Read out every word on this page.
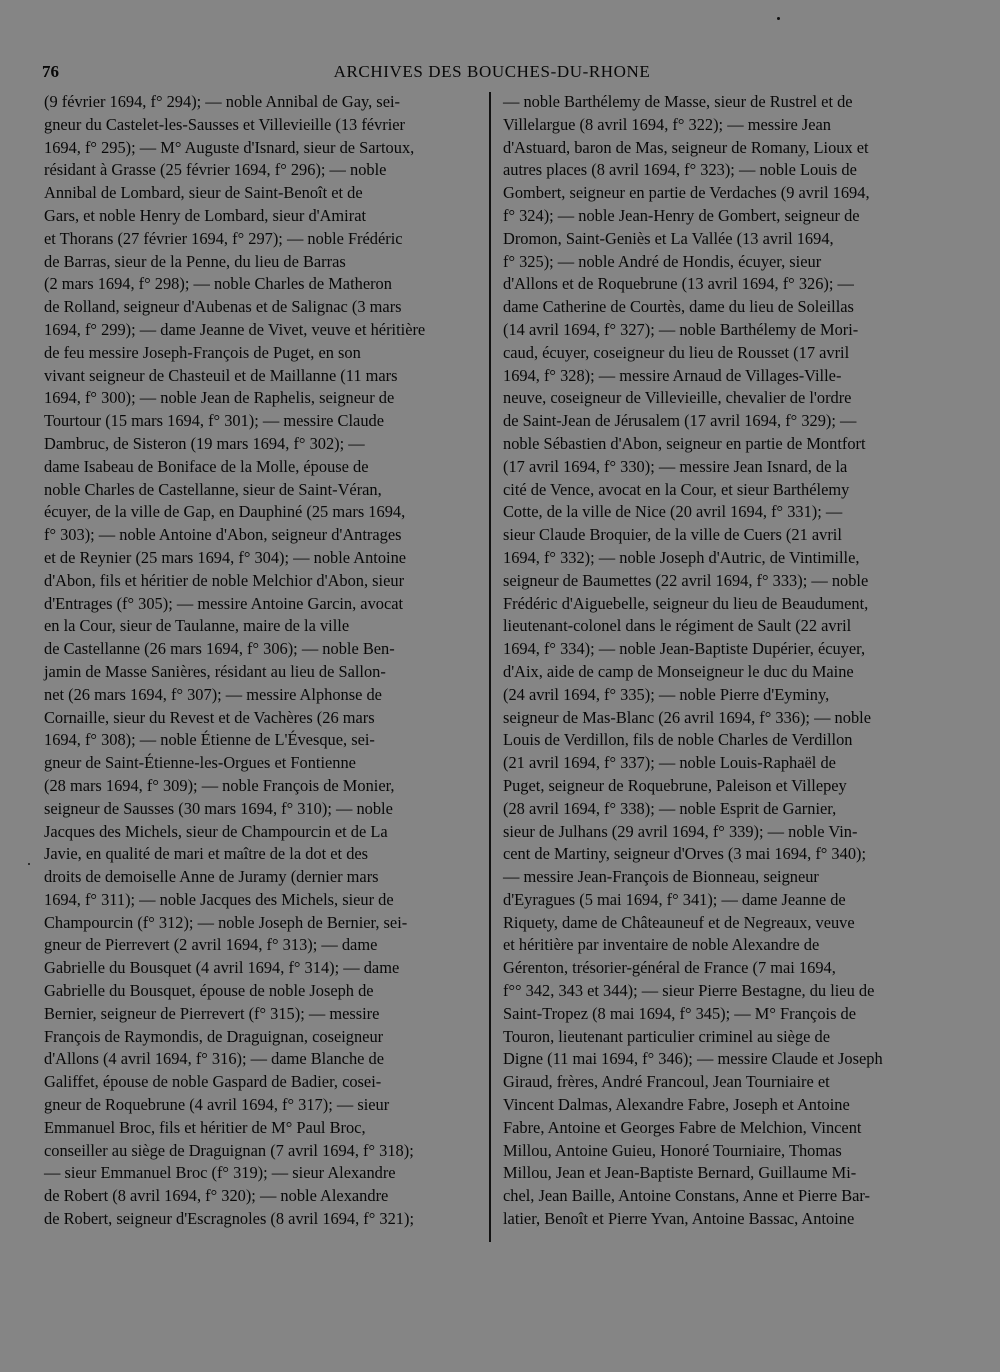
76	ARCHIVES DES BOUCHES-DU-RHONE
(9 février 1694, f° 294); — noble Annibal de Gay, sei-
gneur du Castelet-les-Sausses et Villevieille (13 février
1694, f° 295); — M° Auguste d'Isnard, sieur de Sartoux,
résidant à Grasse (25 février 1694, f° 296); — noble
Annibal de Lombard, sieur de Saint-Benoît et de
Gars, et noble Henry de Lombard, sieur d'Amirat
et Thorans (27 février 1694, f° 297); — noble Frédéric
de Barras, sieur de la Penne, du lieu de Barras
(2 mars 1694, f° 298); — noble Charles de Matheron
de Rolland, seigneur d'Aubenas et de Salignac (3 mars
1694, f° 299); — dame Jeanne de Vivet, veuve et héritière
de feu messire Joseph-François de Puget, en son
vivant seigneur de Chasteuil et de Maillanne (11 mars
1694, f° 300); — noble Jean de Raphelis, seigneur de
Tourtour (15 mars 1694, f° 301); — messire Claude
Dambruc, de Sisteron (19 mars 1694, f° 302); —
dame Isabeau de Boniface de la Molle, épouse de
noble Charles de Castellanne, sieur de Saint-Véran,
écuyer, de la ville de Gap, en Dauphiné (25 mars 1694,
f° 303); — noble Antoine d'Abon, seigneur d'Antrages
et de Reynier (25 mars 1694, f° 304); — noble Antoine
d'Abon, fils et héritier de noble Melchior d'Abon, sieur
d'Entrages (f° 305); — messire Antoine Garcin, avocat
en la Cour, sieur de Taulanne, maire de la ville
de Castellanne (26 mars 1694, f° 306); — noble Ben-
jamin de Masse Sanières, résidant au lieu de Sallon-
net (26 mars 1694, f° 307); — messire Alphonse de
Cornaille, sieur du Revest et de Vachères (26 mars
1694, f° 308); — noble Étienne de L'Évesque, sei-
gneur de Saint-Étienne-les-Orgues et Fontienne
(28 mars 1694, f° 309); — noble François de Monier,
seigneur de Sausses (30 mars 1694, f° 310); — noble
Jacques des Michels, sieur de Champourcin et de La
Javie, en qualité de mari et maître de la dot et des
droits de demoiselle Anne de Juramy (dernier mars
1694, f° 311); — noble Jacques des Michels, sieur de
Champourcin (f° 312); — noble Joseph de Bernier, sei-
gneur de Pierrevert (2 avril 1694, f° 313); — dame
Gabrielle du Bousquet (4 avril 1694, f° 314); — dame
Gabrielle du Bousquet, épouse de noble Joseph de
Bernier, seigneur de Pierrevert (f° 315); — messire
François de Raymondis, de Draguignan, coseigneur
d'Allons (4 avril 1694, f° 316); — dame Blanche de
Galiffet, épouse de noble Gaspard de Badier, cosei-
gneur de Roquebrune (4 avril 1694, f° 317); — sieur
Emmanuel Broc, fils et héritier de M° Paul Broc,
conseiller au siège de Draguignan (7 avril 1694, f° 318);
— sieur Emmanuel Broc (f° 319); — sieur Alexandre
de Robert (8 avril 1694, f° 320); — noble Alexandre
de Robert, seigneur d'Escragnoles (8 avril 1694, f° 321);
— noble Barthélemy de Masse, sieur de Rustrel et de
Villelargue (8 avril 1694, f° 322); — messire Jean
d'Astuard, baron de Mas, seigneur de Romany, Lioux et
autres places (8 avril 1694, f° 323); — noble Louis de
Gombert, seigneur en partie de Verdaches (9 avril 1694,
f° 324); — noble Jean-Henry de Gombert, seigneur de
Dromon, Saint-Geniès et La Vallée (13 avril 1694,
f° 325); — noble André de Hondis, écuyer, sieur
d'Allons et de Roquebrune (13 avril 1694, f° 326); —
dame Catherine de Courtès, dame du lieu de Soleillas
(14 avril 1694, f° 327); — noble Barthélemy de Mori-
caud, écuyer, coseigneur du lieu de Rousset (17 avril
1694, f° 328); — messire Arnaud de Villages-Ville-
neuve, coseigneur de Villevieille, chevalier de l'ordre
de Saint-Jean de Jérusalem (17 avril 1694, f° 329); —
noble Sébastien d'Abon, seigneur en partie de Montfort
(17 avril 1694, f° 330); — messire Jean Isnard, de la
cité de Vence, avocat en la Cour, et sieur Barthélemy
Cotte, de la ville de Nice (20 avril 1694, f° 331); —
sieur Claude Broquier, de la ville de Cuers (21 avril
1694, f° 332); — noble Joseph d'Autric, de Vintimille,
seigneur de Baumettes (22 avril 1694, f° 333); — noble
Frédéric d'Aiguebelle, seigneur du lieu de Beaudument,
lieutenant-colonel dans le régiment de Sault (22 avril
1694, f° 334); — noble Jean-Baptiste Dupérier, écuyer,
d'Aix, aide de camp de Monseigneur le duc du Maine
(24 avril 1694, f° 335); — noble Pierre d'Eyminy,
seigneur de Mas-Blanc (26 avril 1694, f° 336); — noble
Louis de Verdillon, fils de noble Charles de Verdillon
(21 avril 1694, f° 337); — noble Louis-Raphaël de
Puget, seigneur de Roquebrune, Paleison et Villepey
(28 avril 1694, f° 338); — noble Esprit de Garnier,
sieur de Julhans (29 avril 1694, f° 339); — noble Vin-
cent de Martiny, seigneur d'Orves (3 mai 1694, f° 340);
— messire Jean-François de Bionneau, seigneur
d'Eyragues (5 mai 1694, f° 341); — dame Jeanne de
Riquety, dame de Châteauneuf et de Negreaux, veuve
et héritière par inventaire de noble Alexandre de
Gérenton, trésorier-général de France (7 mai 1694,
f°° 342, 343 et 344); — sieur Pierre Bestagne, du lieu de
Saint-Tropez (8 mai 1694, f° 345); — M° François de
Touron, lieutenant particulier criminel au siège de
Digne (11 mai 1694, f° 346); — messire Claude et Joseph
Giraud, frères, André Francoul, Jean Tourniaire et
Vincent Dalmas, Alexandre Fabre, Joseph et Antoine
Fabre, Antoine et Georges Fabre de Melchion, Vincent
Millou, Antoine Guieu, Honoré Tourniaire, Thomas
Millou, Jean et Jean-Baptiste Bernard, Guillaume Mi-
chel, Jean Baille, Antoine Constans, Anne et Pierre Bar-
latier, Benoît et Pierre Yvan, Antoine Bassac, Antoine
